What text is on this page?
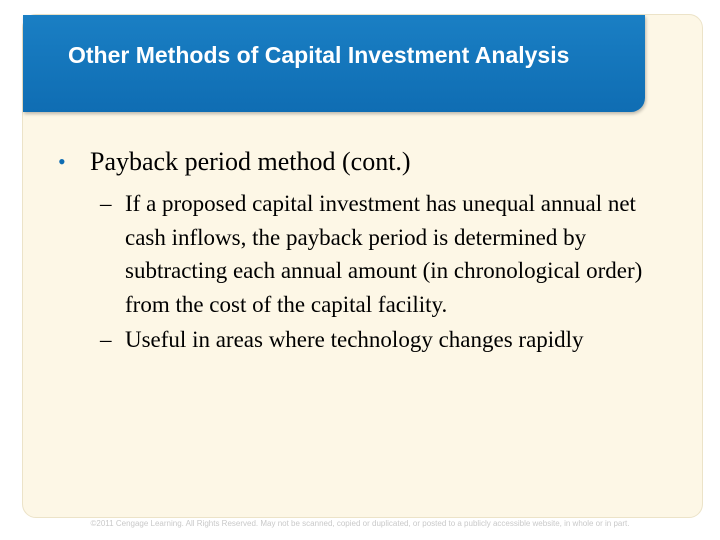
Other Methods of Capital Investment Analysis
• Payback period method (cont.)
– If a proposed capital investment has unequal annual net cash inflows, the payback period is determined by subtracting each annual amount (in chronological order) from the cost of the capital facility.
– Useful in areas where technology changes rapidly
©2011 Cengage Learning. All Rights Reserved. May not be scanned, copied or duplicated, or posted to a publicly accessible website, in whole or in part.
